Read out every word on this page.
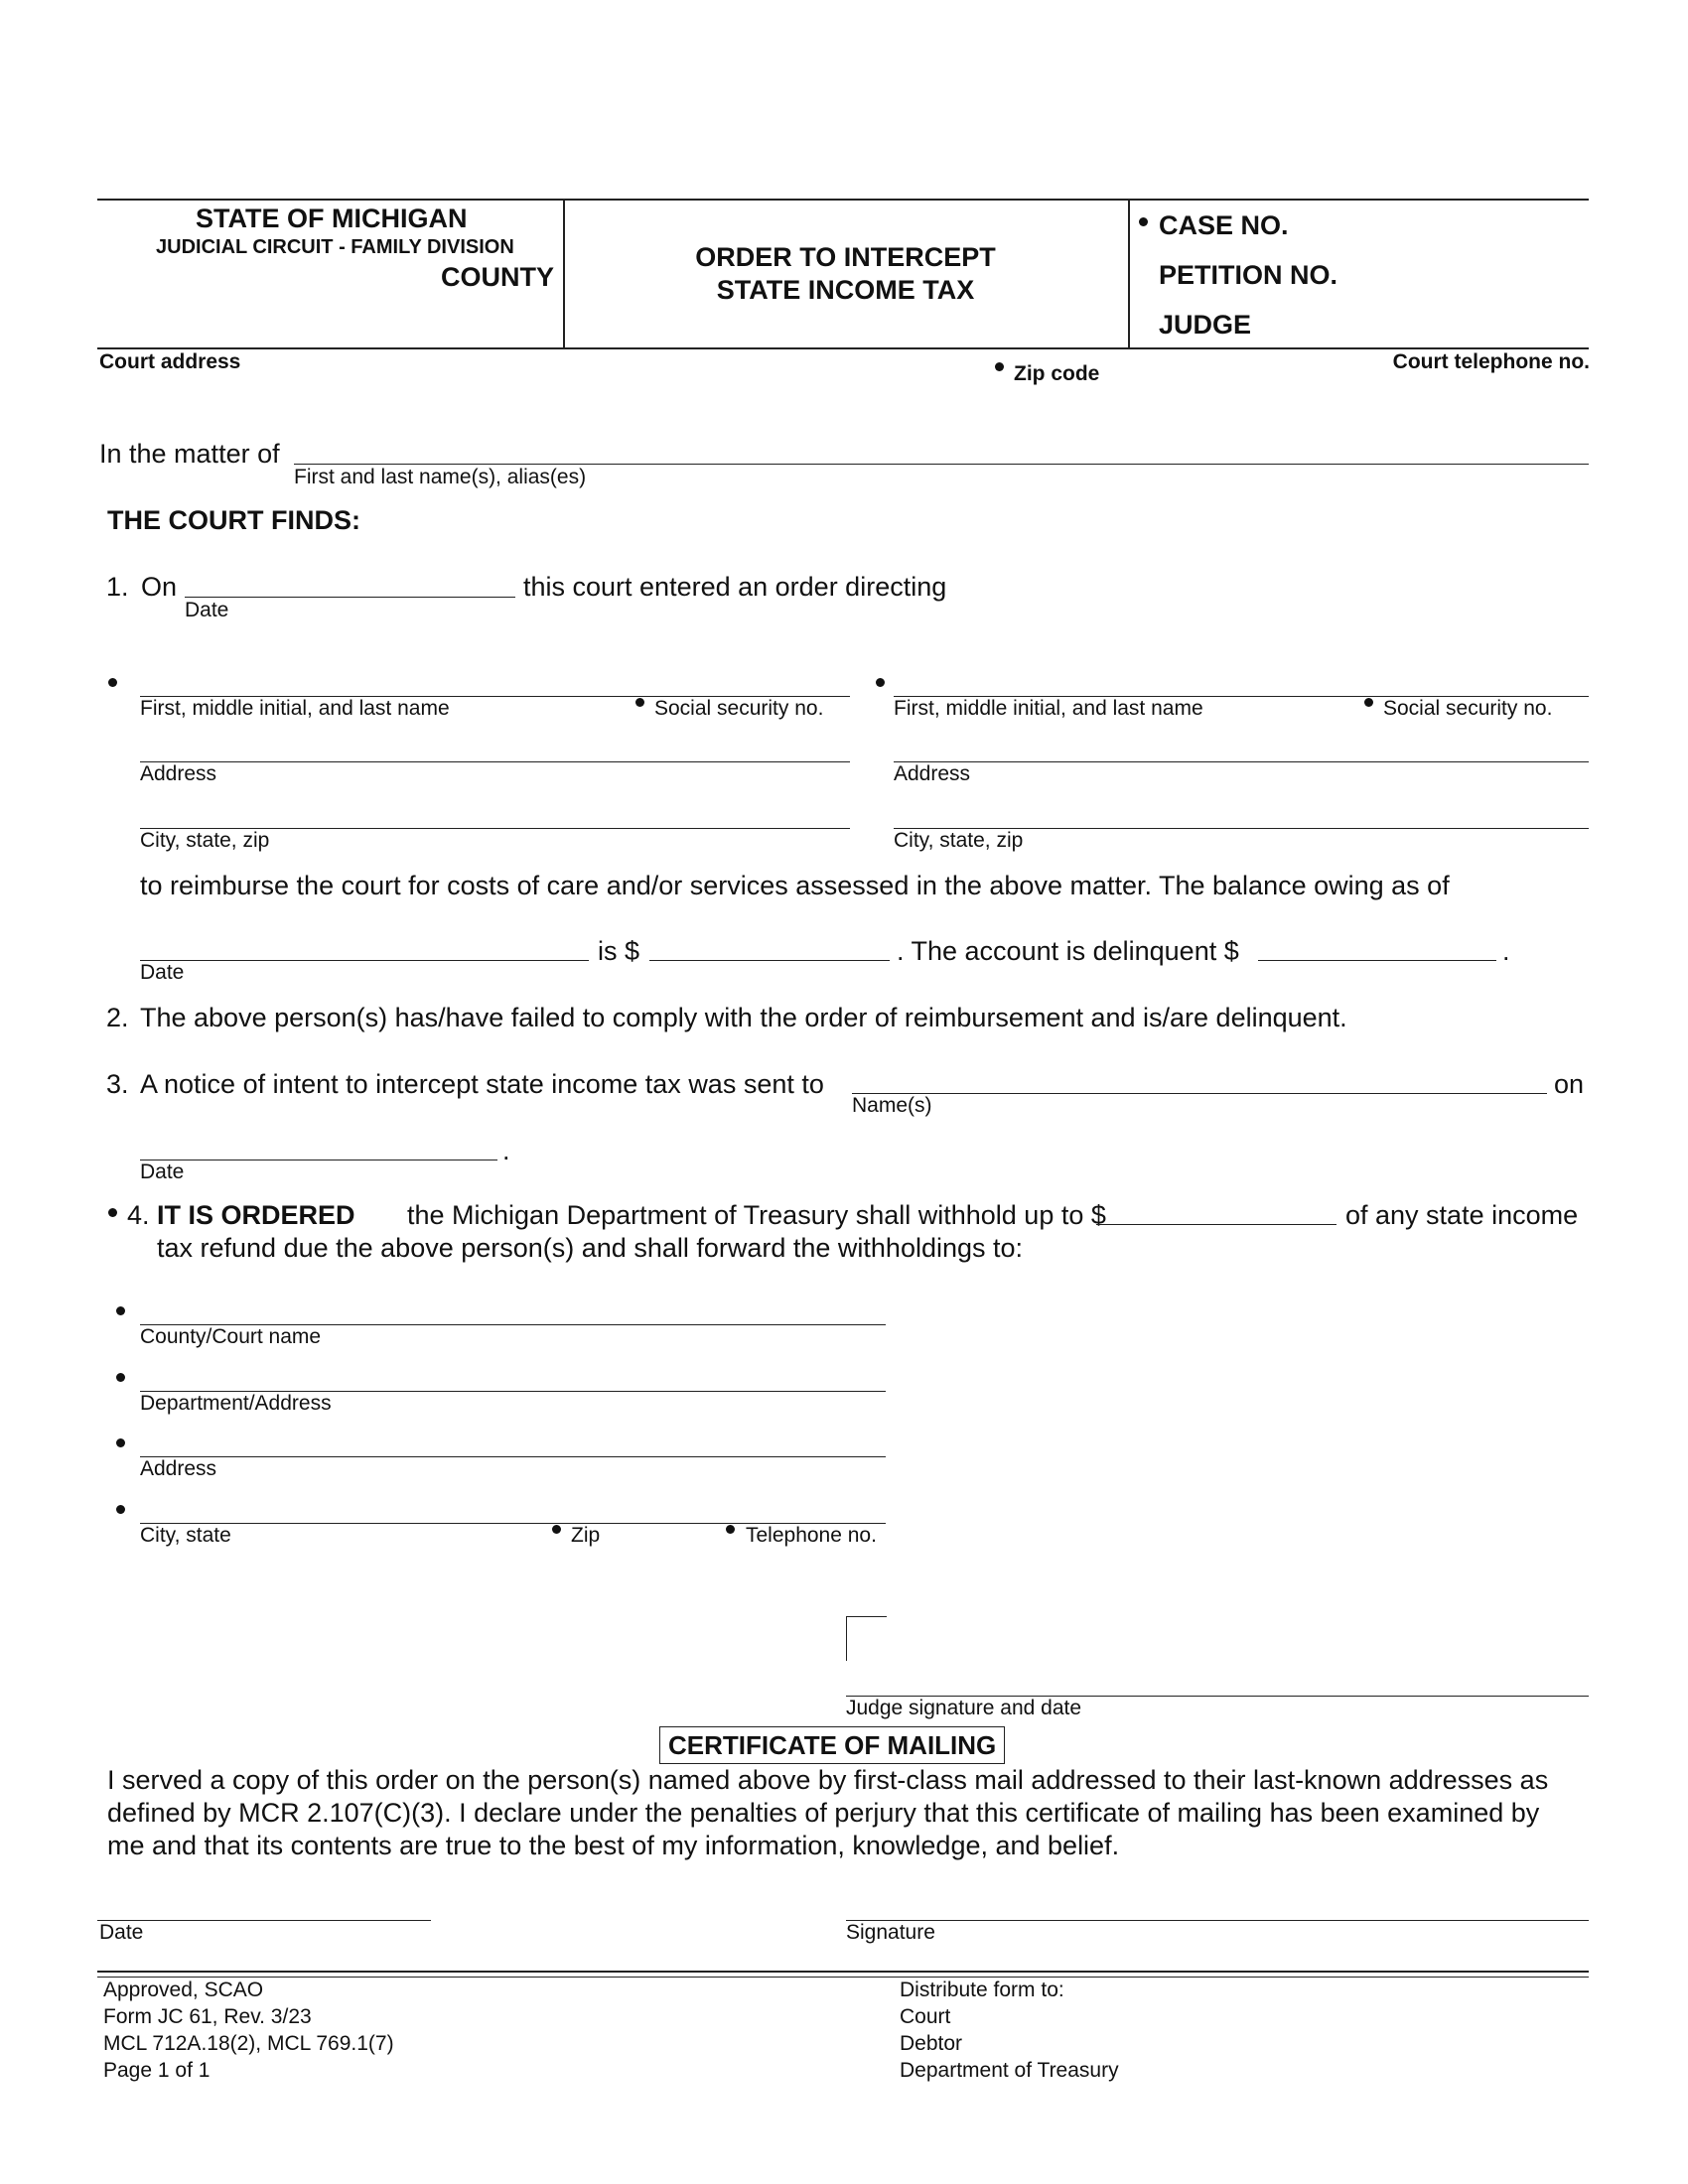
STATE OF MICHIGAN
JUDICIAL CIRCUIT - FAMILY DIVISION
COUNTY
ORDER TO INTERCEPT
STATE INCOME TAX
CASE NO.
PETITION NO.
JUDGE
Court address
Zip code
Court telephone no.
In the matter of
First and last name(s), alias(es)
THE COURT FINDS:
1. On
Date
this court entered an order directing
First, middle initial, and last name	Social security no.
Address
City, state, zip
First, middle initial, and last name	Social security no.
Address
City, state, zip
to reimburse the court for costs of care and/or services assessed in the above matter. The balance owing as of
Date
is $	. The account is delinquent $	.
2. The above person(s) has/have failed to comply with the order of reimbursement and is/are delinquent.
3. A notice of intent to intercept state income tax was sent to
Name(s)
on
Date
.
4. IT IS ORDERED the Michigan Department of Treasury shall withhold up to $	of any state income
tax refund due the above person(s) and shall forward the withholdings to:
County/Court name
Department/Address
Address
City, state	Zip	Telephone no.
Judge signature and date
CERTIFICATE OF MAILING
I served a copy of this order on the person(s) named above by first-class mail addressed to their last-known addresses as
defined by MCR 2.107(C)(3). I declare under the penalties of perjury that this certificate of mailing has been examined by
me and that its contents are true to the best of my information, knowledge, and belief.
Date	Signature
Approved, SCAO
Form JC 61, Rev. 3/23
MCL 712A.18(2), MCL 769.1(7)
Page 1 of 1
Distribute form to:
Court
Debtor
Department of Treasury
